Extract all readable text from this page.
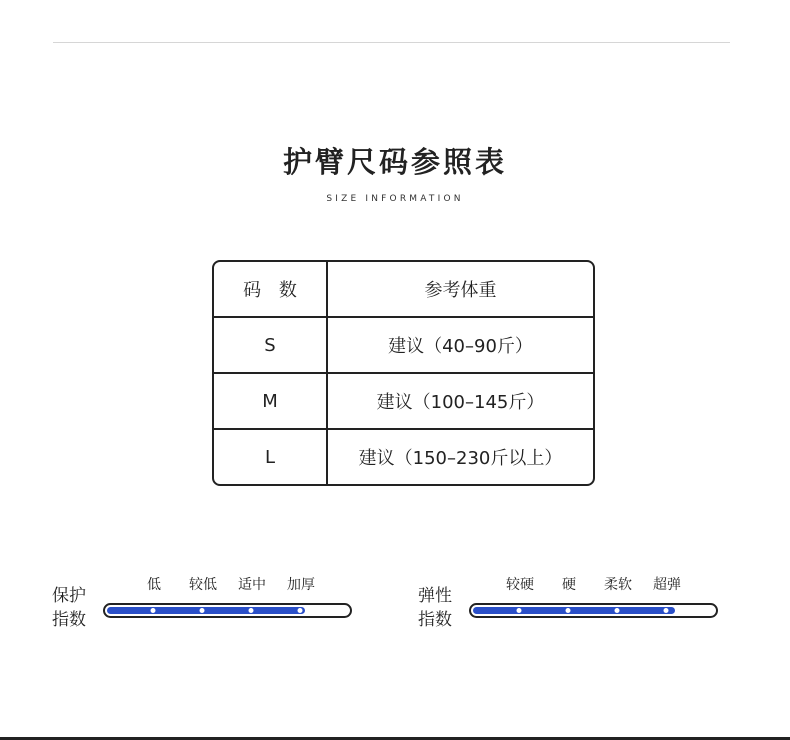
护臂尺码参照表
SIZE INFORMATION
码 数	参考体重
S	建议（40–90斤）
M	建议（100–145斤）
L	建议（150–230斤以上）
保护
指数
低 较低 适中 加厚
弹性
指数
较硬 硬 柔软 超弹
